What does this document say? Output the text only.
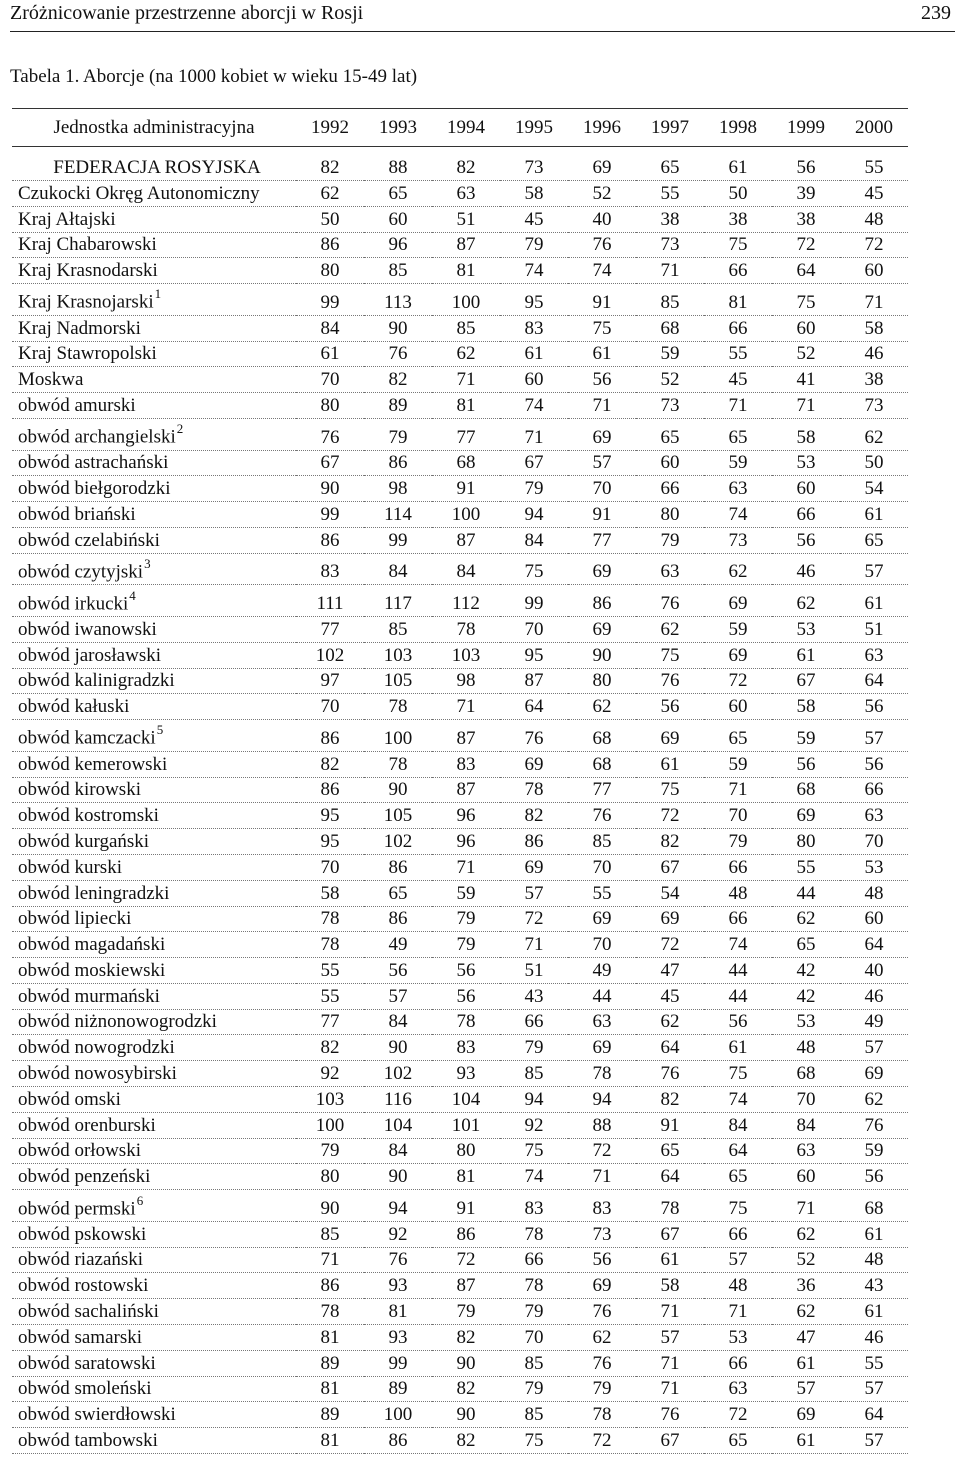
Zróżnicowanie przestrzenne aborcji w Rosji	239
Tabela 1. Aborcje (na 1000 kobiet w wieku 15-49 lat)
Jednostka administracyjna	1992	1993	1994	1995	1996	1997	1998	1999	2000
FEDERACJA ROSYJSKA	82	88	82	73	69	65	61	56	55
Czukocki Okręg Autonomiczny	62	65	63	58	52	55	50	39	45
Kraj Ałtajski	50	60	51	45	40	38	38	38	48
Kraj Chabarowski	86	96	87	79	76	73	75	72	72
Kraj Krasnodarski	80	85	81	74	74	71	66	64	60
Kraj Krasnojarski$^1$	99	113	100	95	91	85	81	75	71
Kraj Nadmorski	84	90	85	83	75	68	66	60	58
Kraj Stawropolski	61	76	62	61	61	59	55	52	46
Moskwa	70	82	71	60	56	52	45	41	38
obwód amurski	80	89	81	74	71	73	71	71	73
obwód archangielski$^2$	76	79	77	71	69	65	65	58	62
obwód astrachański	67	86	68	67	57	60	59	53	50
obwód biełgorodzki	90	98	91	79	70	66	63	60	54
obwód briański	99	114	100	94	91	80	74	66	61
obwód czelabiński	86	99	87	84	77	79	73	56	65
obwód czytyjski$^3$	83	84	84	75	69	63	62	46	57
obwód irkucki$^4$	111	117	112	99	86	76	69	62	61
obwód iwanowski	77	85	78	70	69	62	59	53	51
obwód jarosławski	102	103	103	95	90	75	69	61	63
obwód kalinigradzki	97	105	98	87	80	76	72	67	64
obwód kałuski	70	78	71	64	62	56	60	58	56
obwód kamczacki$^5$	86	100	87	76	68	69	65	59	57
obwód kemerowski	82	78	83	69	68	61	59	56	56
obwód kirowski	86	90	87	78	77	75	71	68	66
obwód kostromski	95	105	96	82	76	72	70	69	63
obwód kurgański	95	102	96	86	85	82	79	80	70
obwód kurski	70	86	71	69	70	67	66	55	53
obwód leningradzki	58	65	59	57	55	54	48	44	48
obwód lipiecki	78	86	79	72	69	69	66	62	60
obwód magadański	78	49	79	71	70	72	74	65	64
obwód moskiewski	55	56	56	51	49	47	44	42	40
obwód murmański	55	57	56	43	44	45	44	42	46
obwód niżnonowogrodzki	77	84	78	66	63	62	56	53	49
obwód nowogrodzki	82	90	83	79	69	64	61	48	57
obwód nowosybirski	92	102	93	85	78	76	75	68	69
obwód omski	103	116	104	94	94	82	74	70	62
obwód orenburski	100	104	101	92	88	91	84	84	76
obwód orłowski	79	84	80	75	72	65	64	63	59
obwód penzeński	80	90	81	74	71	64	65	60	56
obwód permski$^6$	90	94	91	83	83	78	75	71	68
obwód pskowski	85	92	86	78	73	67	66	62	61
obwód riazański	71	76	72	66	56	61	57	52	48
obwód rostowski	86	93	87	78	69	58	48	36	43
obwód sachaliński	78	81	79	79	76	71	71	62	61
obwód samarski	81	93	82	70	62	57	53	47	46
obwód saratowski	89	99	90	85	76	71	66	61	55
obwód smoleński	81	89	82	79	79	71	63	57	57
obwód swierdłowski	89	100	90	85	78	76	72	69	64
obwód tambowski	81	86	82	75	72	67	65	61	57
